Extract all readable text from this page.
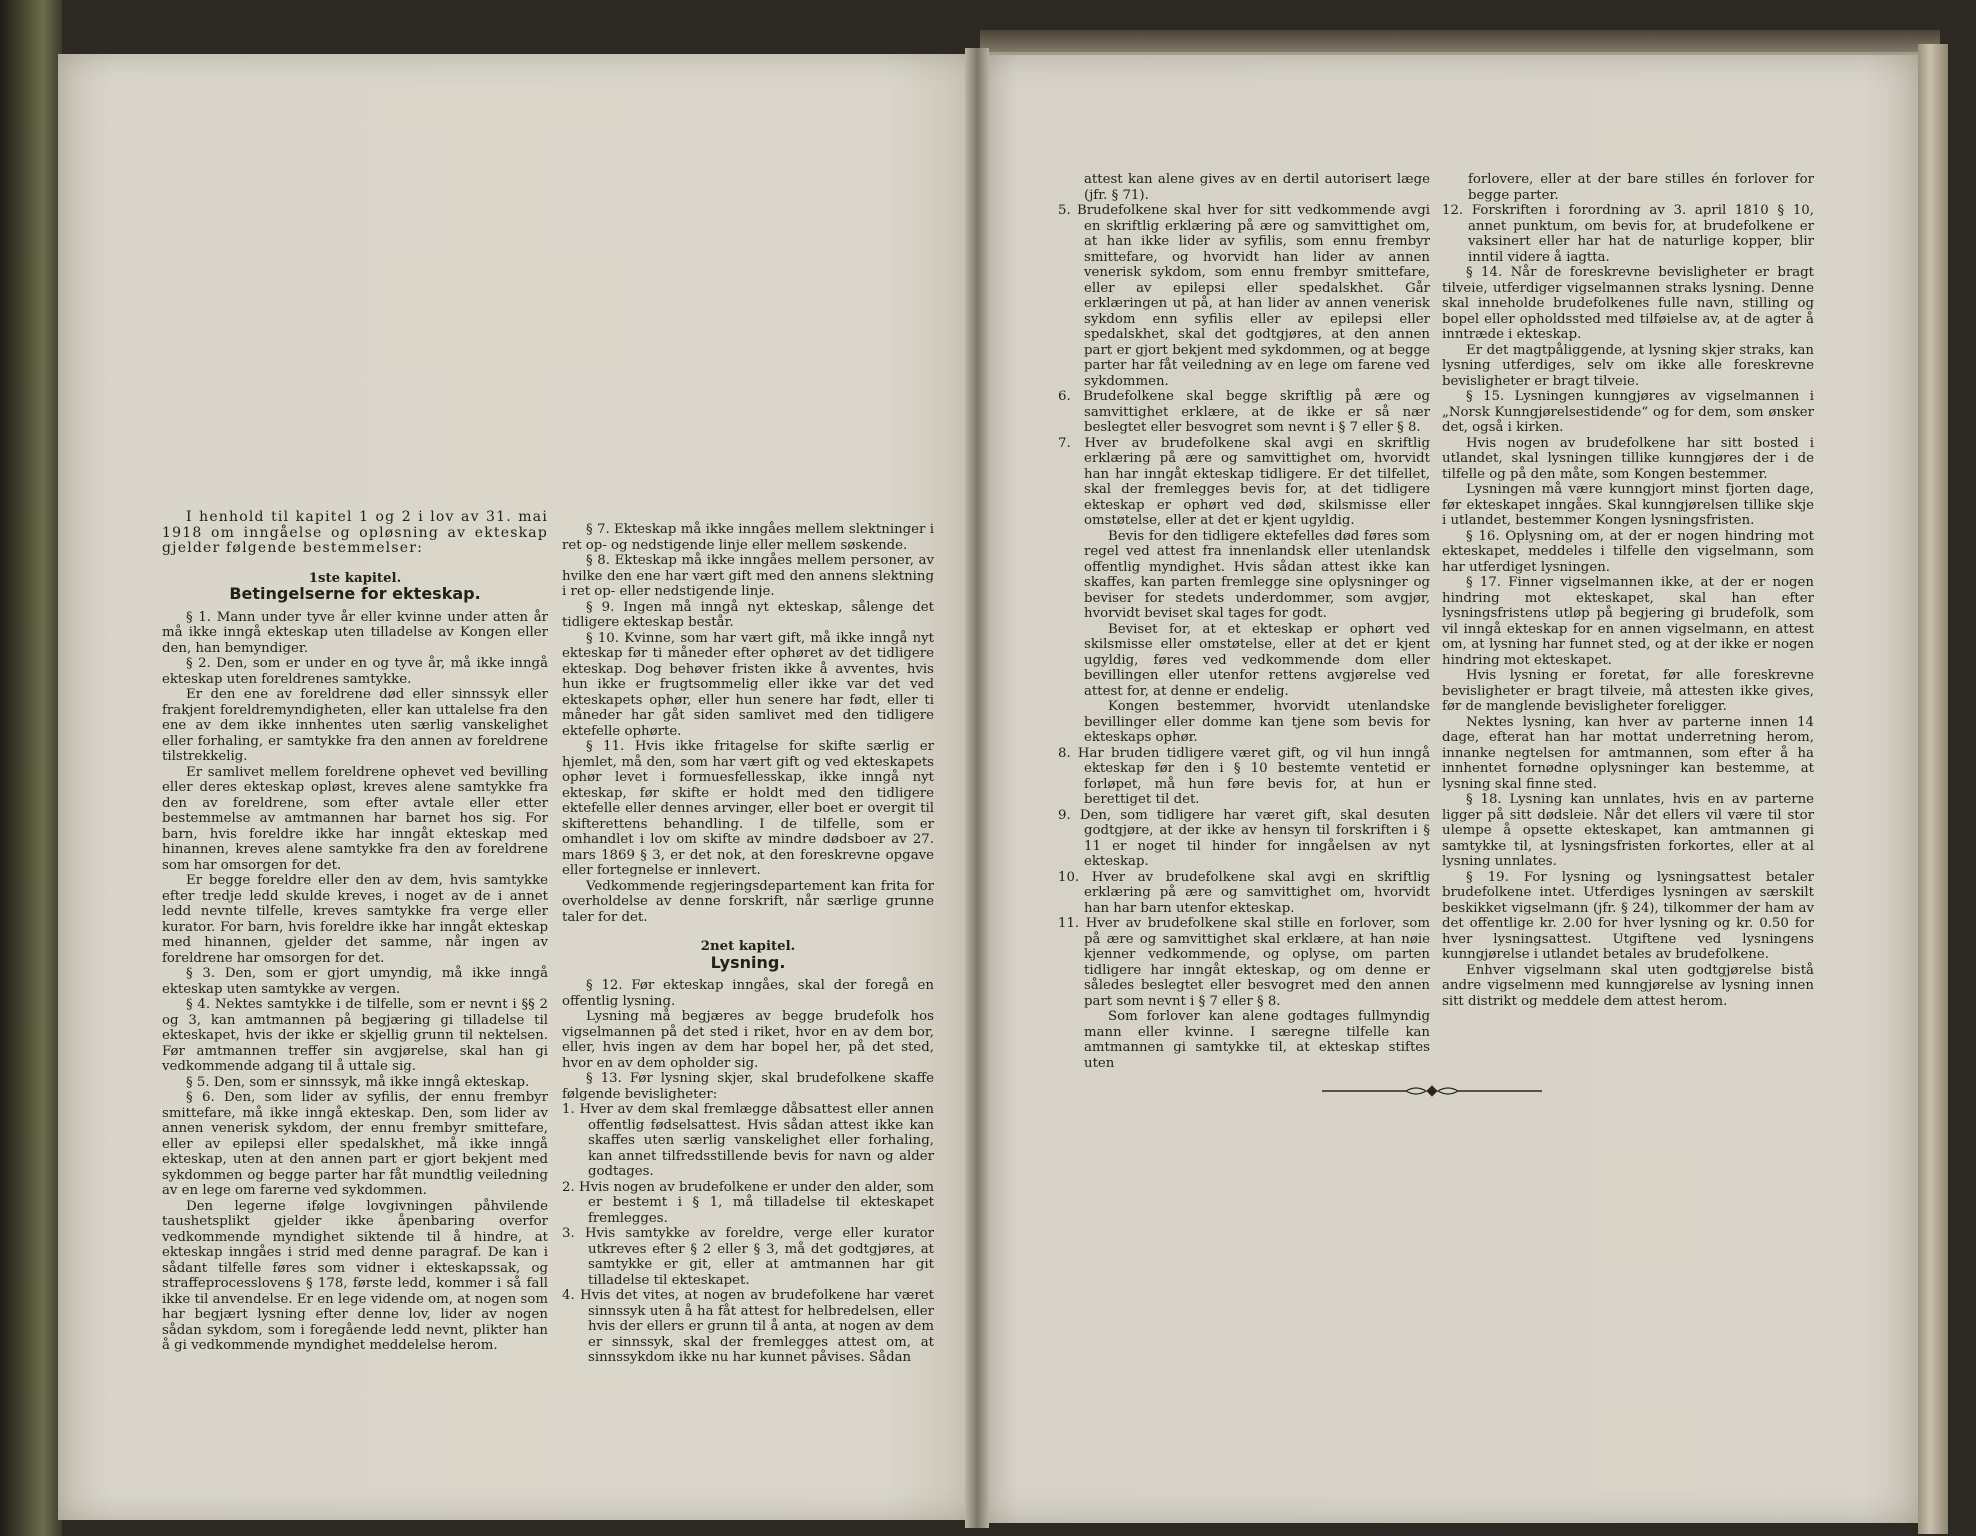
I henhold til kapitel 1 og 2 i lov av 31. mai 1918 om inngåelse og opløsning av ekteskap gjelder følgende bestemmelser:

1ste kapitel.

Betingelserne for ekteskap.

§ 1. Mann under tyve år eller kvinne under atten år må ikke inngå ekteskap uten tilladelse av Kongen eller den, han bemyndiger.

§ 2. Den, som er under en og tyve år, må ikke inngå ekteskap uten foreldrenes samtykke.

Er den ene av foreldrene død eller sinnssyk eller frakjent foreldremyndigheten, eller kan uttalelse fra den ene av dem ikke innhentes uten særlig vanskelighet eller forhaling, er samtykke fra den annen av foreldrene tilstrekkelig.

Er samlivet mellem foreldrene ophevet ved bevilling eller deres ekteskap opløst, kreves alene samtykke fra den av foreldrene, som efter avtale eller etter bestemmelse av amtmannen har barnet hos sig. For barn, hvis foreldre ikke har inngåt ekteskap med hinannen, kreves alene samtykke fra den av foreldrene som har omsorgen for det.

Er begge foreldre eller den av dem, hvis samtykke efter tredje ledd skulde kreves, i noget av de i annet ledd nevnte tilfelle, kreves samtykke fra verge eller kurator. For barn, hvis foreldre ikke har inngåt ekteskap med hinannen, gjelder det samme, når ingen av foreldrene har omsorgen for det.

§ 3. Den, som er gjort umyndig, må ikke inngå ekteskap uten samtykke av vergen.

§ 4. Nektes samtykke i de tilfelle, som er nevnt i §§ 2 og 3, kan amtmannen på begjæring gi tilladelse til ekteskapet, hvis der ikke er skjellig grunn til nektelsen. Før amtmannen treffer sin avgjørelse, skal han gi vedkommende adgang til å uttale sig.

§ 5. Den, som er sinnssyk, må ikke inngå ekteskap.

§ 6. Den, som lider av syfilis, der ennu frembyr smittefare, må ikke inngå ekteskap. Den, som lider av annen venerisk sykdom, der ennu frembyr smittefare, eller av epilepsi eller spedalskhet, må ikke inngå ekteskap, uten at den annen part er gjort bekjent med sykdommen og begge parter har fåt mundtlig veiledning av en lege om farerne ved sykdommen.

Den legerne ifølge lovgivningen påhvilende taushetsplikt gjelder ikke åpenbaring overfor vedkommende myndighet siktende til å hindre, at ekteskap inngåes i strid med denne paragraf. De kan i sådant tilfelle føres som vidner i ekteskapssak, og straffeprocesslovens § 178, første ledd, kommer i så fall ikke til anvendelse. Er en lege vidende om, at nogen som har begjært lysning efter denne lov, lider av nogen sådan sykdom, som i foregående ledd nevnt, plikter han å gi vedkommende myndighet meddelelse herom.

§ 7. Ekteskap må ikke inngåes mellem slektninger i ret op- og nedstigende linje eller mellem søskende.

§ 8. Ekteskap må ikke inngåes mellem personer, av hvilke den ene har vært gift med den annens slektning i ret op- eller nedstigende linje.

§ 9. Ingen må inngå nyt ekteskap, sålenge det tidligere ekteskap består.

§ 10. Kvinne, som har vært gift, må ikke inngå nyt ekteskap før ti måneder efter ophøret av det tidligere ekteskap. Dog behøver fristen ikke å avventes, hvis hun ikke er frugtsommelig eller ikke var det ved ekteskapets ophør, eller hun senere har født, eller ti måneder har gåt siden samlivet med den tidligere ektefelle ophørte.

§ 11. Hvis ikke fritagelse for skifte særlig er hjemlet, må den, som har vært gift og ved ekteskapets ophør levet i formuesfellesskap, ikke inngå nyt ekteskap, før skifte er holdt med den tidligere ektefelle eller dennes arvinger, eller boet er overgit til skifterettens behandling. I de tilfelle, som er omhandlet i lov om skifte av mindre dødsboer av 27. mars 1869 § 3, er det nok, at den foreskrevne opgave eller fortegnelse er innlevert.

Vedkommende regjeringsdepartement kan frita for overholdelse av denne forskrift, når særlige grunne taler for det.

2net kapitel.

Lysning.

§ 12. Før ekteskap inngåes, skal der foregå en offentlig lysning.

Lysning må begjæres av begge brudefolk hos vigselmannen på det sted i riket, hvor en av dem bor, eller, hvis ingen av dem har bopel her, på det sted, hvor en av dem opholder sig.

§ 13. Før lysning skjer, skal brudefolkene skaffe følgende bevisligheter:

1. Hver av dem skal fremlægge dåbsattest eller annen offentlig fødselsattest. Hvis sådan attest ikke kan skaffes uten særlig vanskelighet eller forhaling, kan annet tilfredsstillende bevis for navn og alder godtages.

2. Hvis nogen av brudefolkene er under den alder, som er bestemt i § 1, må tilladelse til ekteskapet fremlegges.

3. Hvis samtykke av foreldre, verge eller kurator utkreves efter § 2 eller § 3, må det godtgjøres, at samtykke er git, eller at amtmannen har git tilladelse til ekteskapet.

4. Hvis det vites, at nogen av brudefolkene har været sinnssyk uten å ha fåt attest for helbredelsen, eller hvis der ellers er grunn til å anta, at nogen av dem er sinnssyk, skal der fremlegges attest om, at sinnssykdom ikke nu har kunnet påvises. Sådan

attest kan alene gives av en dertil autorisert læge (jfr. § 71).

5. Brudefolkene skal hver for sitt vedkommende avgi en skriftlig erklæring på ære og samvittighet om, at han ikke lider av syfilis, som ennu frembyr smittefare, og hvorvidt han lider av annen venerisk sykdom, som ennu frembyr smittefare, eller av epilepsi eller spedalskhet. Går erklæringen ut på, at han lider av annen venerisk sykdom enn syfilis eller av epilepsi eller spedalskhet, skal det godtgjøres, at den annen part er gjort bekjent med sykdommen, og at begge parter har fåt veiledning av en lege om farene ved sykdommen.

6. Brudefolkene skal begge skriftlig på ære og samvittighet erklære, at de ikke er så nær beslegtet eller besvogret som nevnt i § 7 eller § 8.

7. Hver av brudefolkene skal avgi en skriftlig erklæring på ære og samvittighet om, hvorvidt han har inngåt ekteskap tidligere. Er det tilfellet, skal der fremlegges bevis for, at det tidligere ekteskap er ophørt ved død, skilsmisse eller omstøtelse, eller at det er kjent ugyldig.

Bevis for den tidligere ektefelles død føres som regel ved attest fra innenlandsk eller utenlandsk offentlig myndighet. Hvis sådan attest ikke kan skaffes, kan parten fremlegge sine oplysninger og beviser for stedets underdommer, som avgjør, hvorvidt beviset skal tages for godt.

Beviset for, at et ekteskap er ophørt ved skilsmisse eller omstøtelse, eller at det er kjent ugyldig, føres ved vedkommende dom eller bevillingen eller utenfor rettens avgjørelse ved attest for, at denne er endelig.

Kongen bestemmer, hvorvidt utenlandske bevillinger eller domme kan tjene som bevis for ekteskaps ophør.

8. Har bruden tidligere været gift, og vil hun inngå ekteskap før den i § 10 bestemte ventetid er forløpet, må hun føre bevis for, at hun er berettiget til det.

9. Den, som tidligere har været gift, skal desuten godtgjøre, at der ikke av hensyn til forskriften i § 11 er noget til hinder for inngåelsen av nyt ekteskap.

10. Hver av brudefolkene skal avgi en skriftlig erklæring på ære og samvittighet om, hvorvidt han har barn utenfor ekteskap.

11. Hver av brudefolkene skal stille en forlover, som på ære og samvittighet skal erklære, at han nøie kjenner vedkommende, og oplyse, om parten tidligere har inngåt ekteskap, og om denne er således beslegtet eller besvogret med den annen part som nevnt i § 7 eller § 8.

Som forlover kan alene godtages fullmyndig mann eller kvinne. I særegne tilfelle kan amtmannen gi samtykke til, at ekteskap stiftes uten

forlovere, eller at der bare stilles én forlover for begge parter.

12. Forskriften i forordning av 3. april 1810 § 10, annet punktum, om bevis for, at brudefolkene er vaksinert eller har hat de naturlige kopper, blir inntil videre å iagtta.

§ 14. Når de foreskrevne bevisligheter er bragt tilveie, utferdiger vigselmannen straks lysning. Denne skal inneholde brudefolkenes fulle navn, stilling og bopel eller opholdssted med tilføielse av, at de agter å inntræde i ekteskap.

Er det magtpåliggende, at lysning skjer straks, kan lysning utferdiges, selv om ikke alle foreskrevne bevisligheter er bragt tilveie.

§ 15. Lysningen kunngjøres av vigselmannen i „Norsk Kunngjørelsestidende“ og for dem, som ønsker det, også i kirken.

Hvis nogen av brudefolkene har sitt bosted i utlandet, skal lysningen tillike kunngjøres der i de tilfelle og på den måte, som Kongen bestemmer.

Lysningen må være kunngjort minst fjorten dage, før ekteskapet inngåes. Skal kunngjørelsen tillike skje i utlandet, bestemmer Kongen lysningsfristen.

§ 16. Oplysning om, at der er nogen hindring mot ekteskapet, meddeles i tilfelle den vigselmann, som har utferdiget lysningen.

§ 17. Finner vigselmannen ikke, at der er nogen hindring mot ekteskapet, skal han efter lysningsfristens utløp på begjering gi brudefolk, som vil inngå ekteskap for en annen vigselmann, en attest om, at lysning har funnet sted, og at der ikke er nogen hindring mot ekteskapet.

Hvis lysning er foretat, før alle foreskrevne bevisligheter er bragt tilveie, må attesten ikke gives, før de manglende bevisligheter foreligger.

Nektes lysning, kan hver av parterne innen 14 dage, efterat han har mottat underretning herom, innanke negtelsen for amtmannen, som efter å ha innhentet fornødne oplysninger kan bestemme, at lysning skal finne sted.

§ 18. Lysning kan unnlates, hvis en av parterne ligger på sitt dødsleie. Når det ellers vil være til stor ulempe å opsette ekteskapet, kan amtmannen gi samtykke til, at lysningsfristen forkortes, eller at al lysning unnlates.

§ 19. For lysning og lysningsattest betaler brudefolkene intet. Utferdiges lysningen av særskilt beskikket vigselmann (jfr. § 24), tilkommer der ham av det offentlige kr. 2.00 for hver lysning og kr. 0.50 for hver lysningsattest. Utgiftene ved lysningens kunngjørelse i utlandet betales av brudefolkene.

Enhver vigselmann skal uten godtgjørelse bistå andre vigselmenn med kunngjørelse av lysning innen sitt distrikt og meddele dem attest herom.
